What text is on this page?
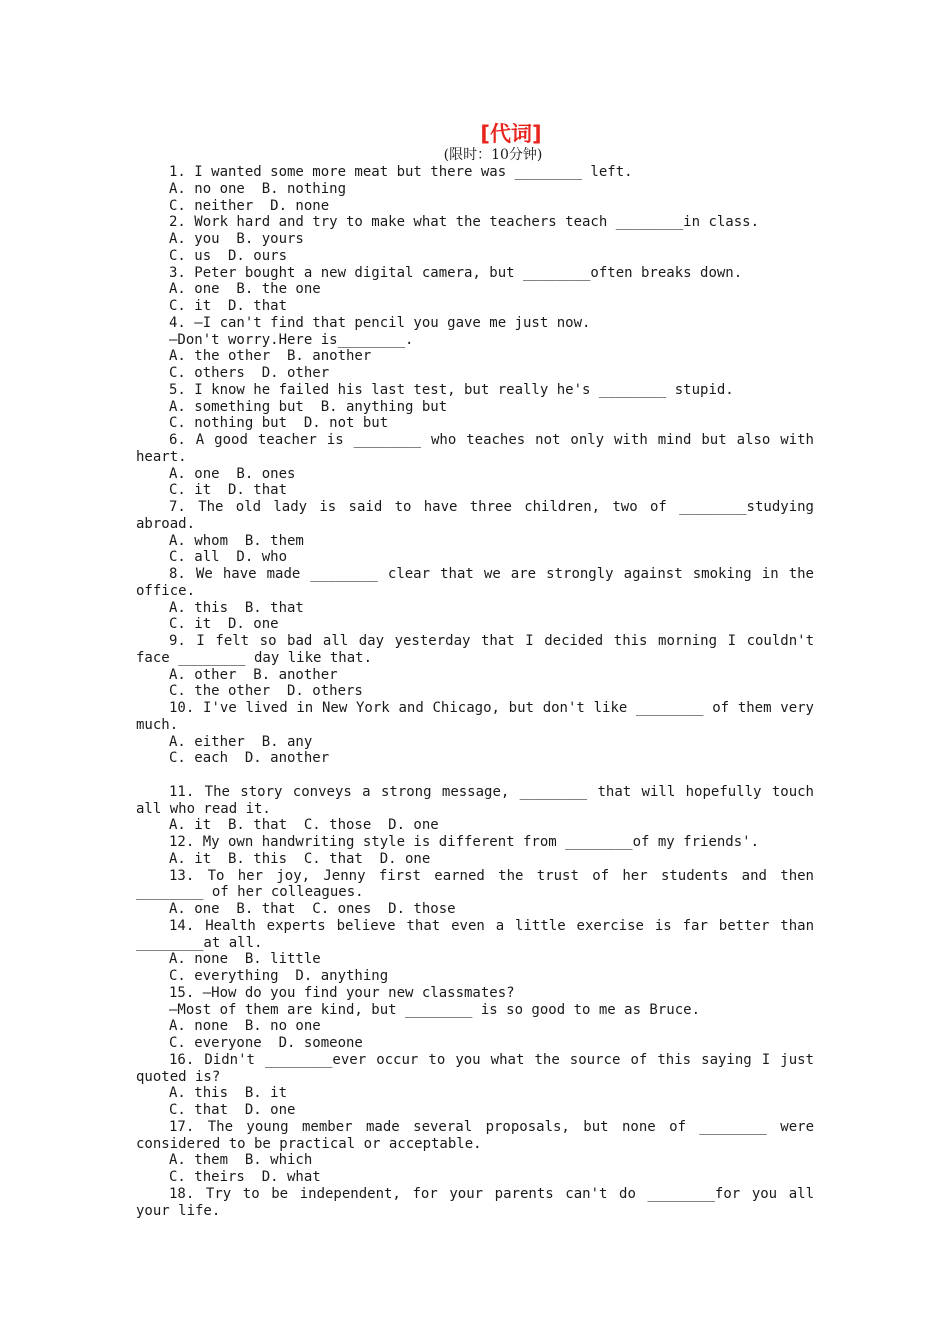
[代词]
(限时：10分钟)

1. I wanted some more meat but there was ________ left.

A. no one  B. nothing

C. neither  D. none

2. Work hard and try to make what the teachers teach ________in class.

A. you  B. yours

C. us  D. ours

3. Peter bought a new digital camera, but ________often breaks down.

A. one  B. the one

C. it  D. that

4. —I can't find that pencil you gave me just now.

—Don't worry.Here is________.

A. the other  B. another

C. others  D. other

5. I know he failed his last test, but really he's ________ stupid.

A. something but  B. anything but

C. nothing but  D. not but

6. A good teacher is ________ who teaches not only with mind but also with heart.

A. one  B. ones

C. it  D. that

7. The old lady is said to have three children, two of ________studying abroad.

A. whom  B. them

C. all  D. who

8. We have made ________ clear that we are strongly against smoking in the office.

A. this  B. that

C. it  D. one

9. I felt so bad all day yesterday that I decided this morning I couldn't face ________ day like that.

A. other  B. another

C. the other  D. others

10. I've lived in New York and Chicago, but don't like ________ of them very much.

A. either  B. any

C. each  D. another

11. The story conveys a strong message, ________ that will hopefully touch all who read it.

A. it  B. that  C. those  D. one

12. My own handwriting style is different from ________of my friends'.

A. it  B. this  C. that  D. one

13. To her joy, Jenny first earned the trust of her students and then ________ of her colleagues.

A. one  B. that  C. ones  D. those

14. Health experts believe that even a little exercise is far better than ________at all.

A. none  B. little

C. everything  D. anything

15. —How do you find your new classmates?

—Most of them are kind, but ________ is so good to me as Bruce.

A. none  B. no one

C. everyone  D. someone

16. Didn't ________ever occur to you what the source of this saying I just quoted is?

A. this  B. it

C. that  D. one

17. The young member made several proposals, but none of ________ were considered to be practical or acceptable.

A. them  B. which

C. theirs  D. what

18. Try to be independent, for your parents can't do ________for you all your life.
